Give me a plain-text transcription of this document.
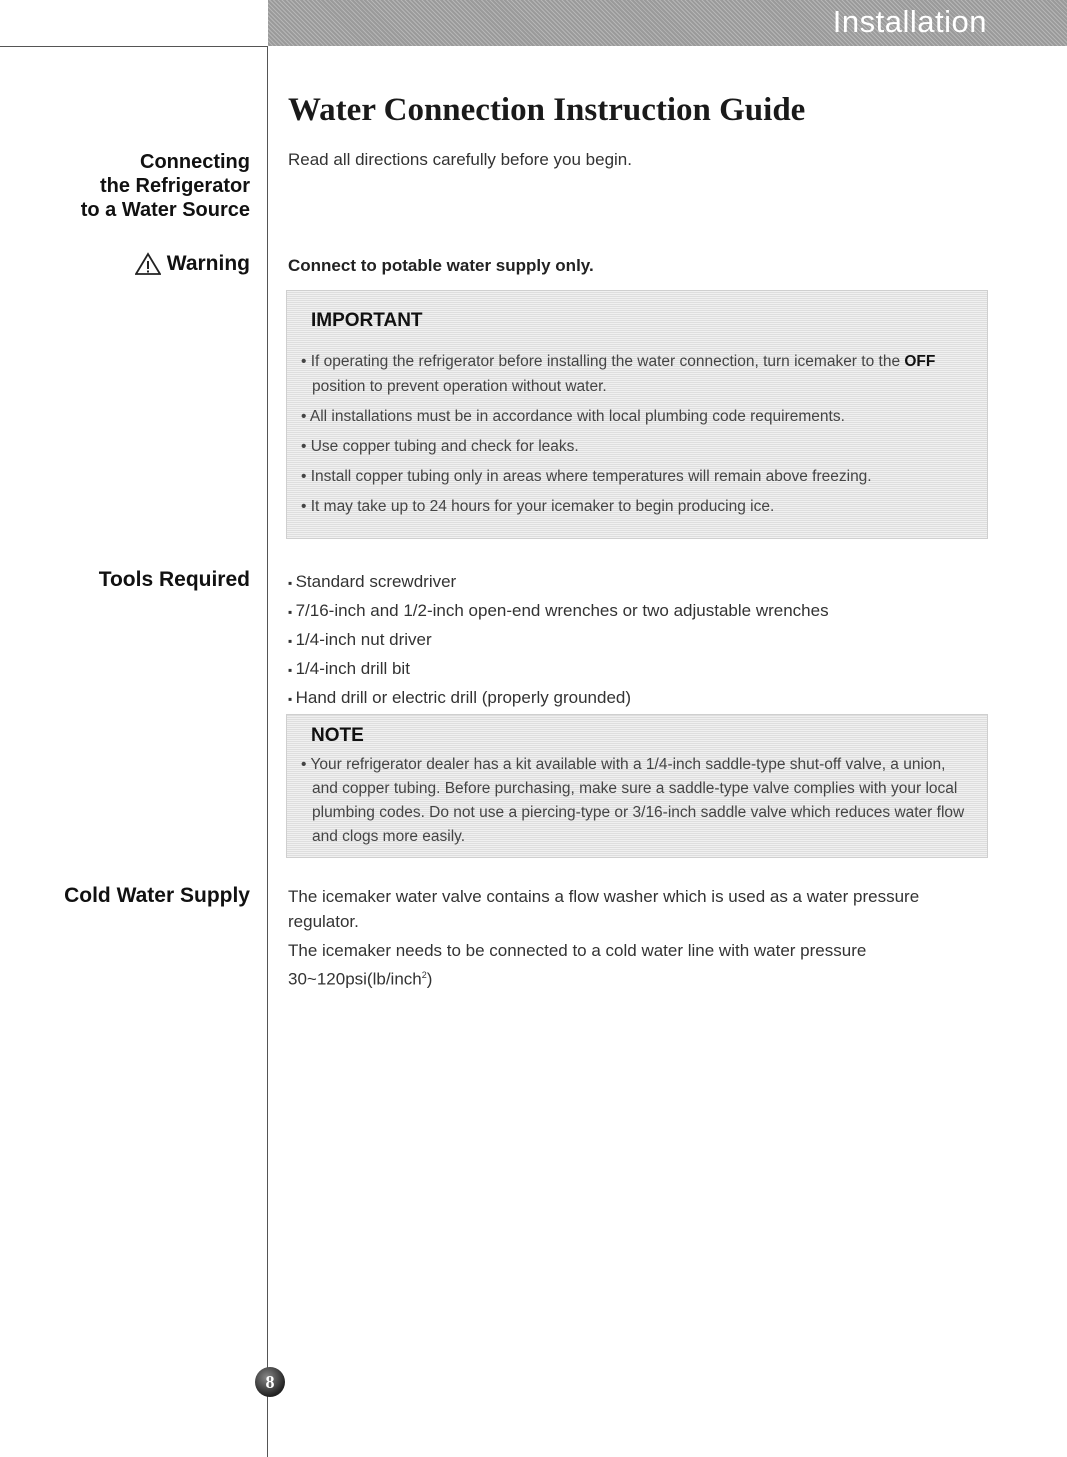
Installation
Connecting
the Refrigerator
to a Water Source
Warning
Tools Required
Cold Water Supply
Water Connection Instruction Guide
Read all directions carefully before you begin.
Connect to potable water supply only.
IMPORTANT
• If operating the refrigerator before installing the water connection, turn icemaker to the OFF position to prevent operation without water.
• All installations must be in accordance with local plumbing code requirements.
• Use copper tubing and check for leaks.
• Install copper tubing only in areas where temperatures will remain above freezing.
• It may take up to 24 hours for your icemaker to begin producing ice.
▪ Standard screwdriver
▪ 7/16-inch and 1/2-inch open-end wrenches or two adjustable wrenches
▪ 1/4-inch nut driver
▪ 1/4-inch drill bit
▪ Hand drill or electric drill (properly grounded)
NOTE
• Your refrigerator dealer has a kit available with a 1/4-inch saddle-type shut-off valve, a union, and copper tubing. Before purchasing, make sure a saddle-type valve complies with your local plumbing codes. Do not use a piercing-type or 3/16-inch saddle valve which reduces water flow and clogs more easily.

The icemaker water valve contains a flow washer which is used as a water pressure regulator.

The icemaker needs to be connected to a cold water line with water pressure 30~120psi(lb/inch$^2$)

8
